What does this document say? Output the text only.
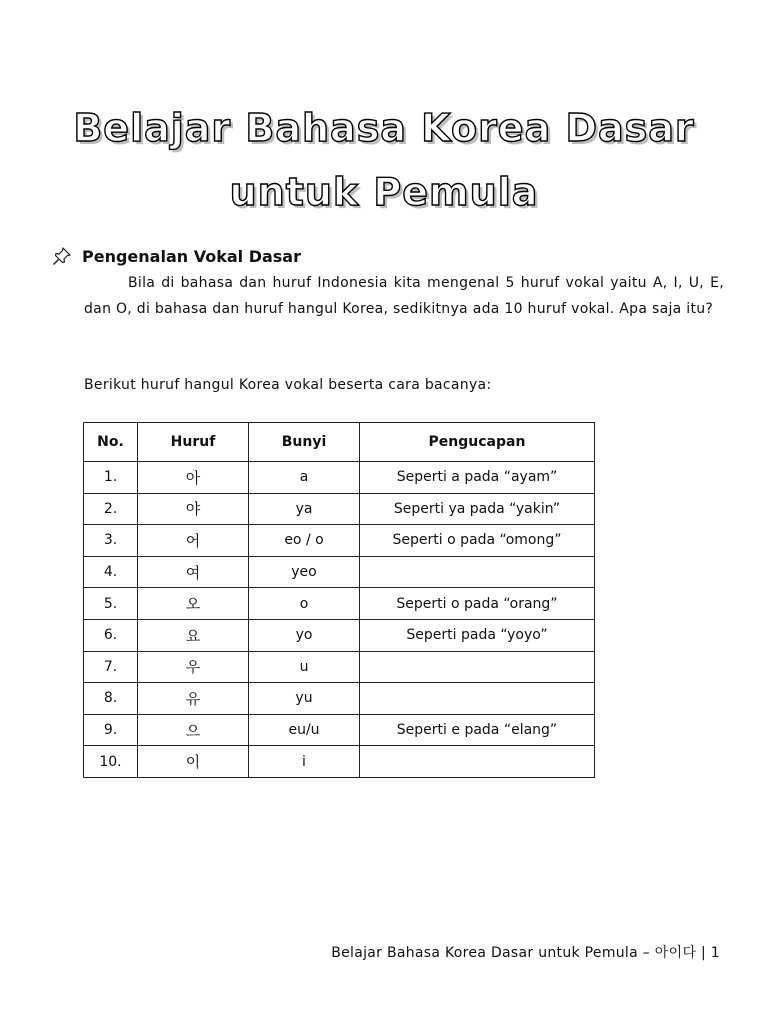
Belajar Bahasa Korea Dasar
untuk Pemula
Pengenalan Vokal Dasar

Bila di bahasa dan huruf Indonesia kita mengenal 5 huruf vokal yaitu A, I, U, E, dan O, di bahasa dan huruf hangul Korea, sedikitnya ada 10 huruf vokal. Apa saja itu?

Berikut huruf hangul Korea vokal beserta cara bacanya:

No.	Huruf	Bunyi	Pengucapan
1.	아	a	Seperti a pada “ayam”
2.	야	ya	Seperti ya pada “yakin”
3.	어	eo / o	Seperti o pada “omong”
4.	여	yeo	
5.	오	o	Seperti o pada “orang”
6.	요	yo	Seperti pada “yoyo”
7.	우	u	
8.	유	yu	
9.	으	eu/u	Seperti e pada “elang”
10.	이	i	
Belajar Bahasa Korea Dasar untuk Pemula – 아이다 | 1
